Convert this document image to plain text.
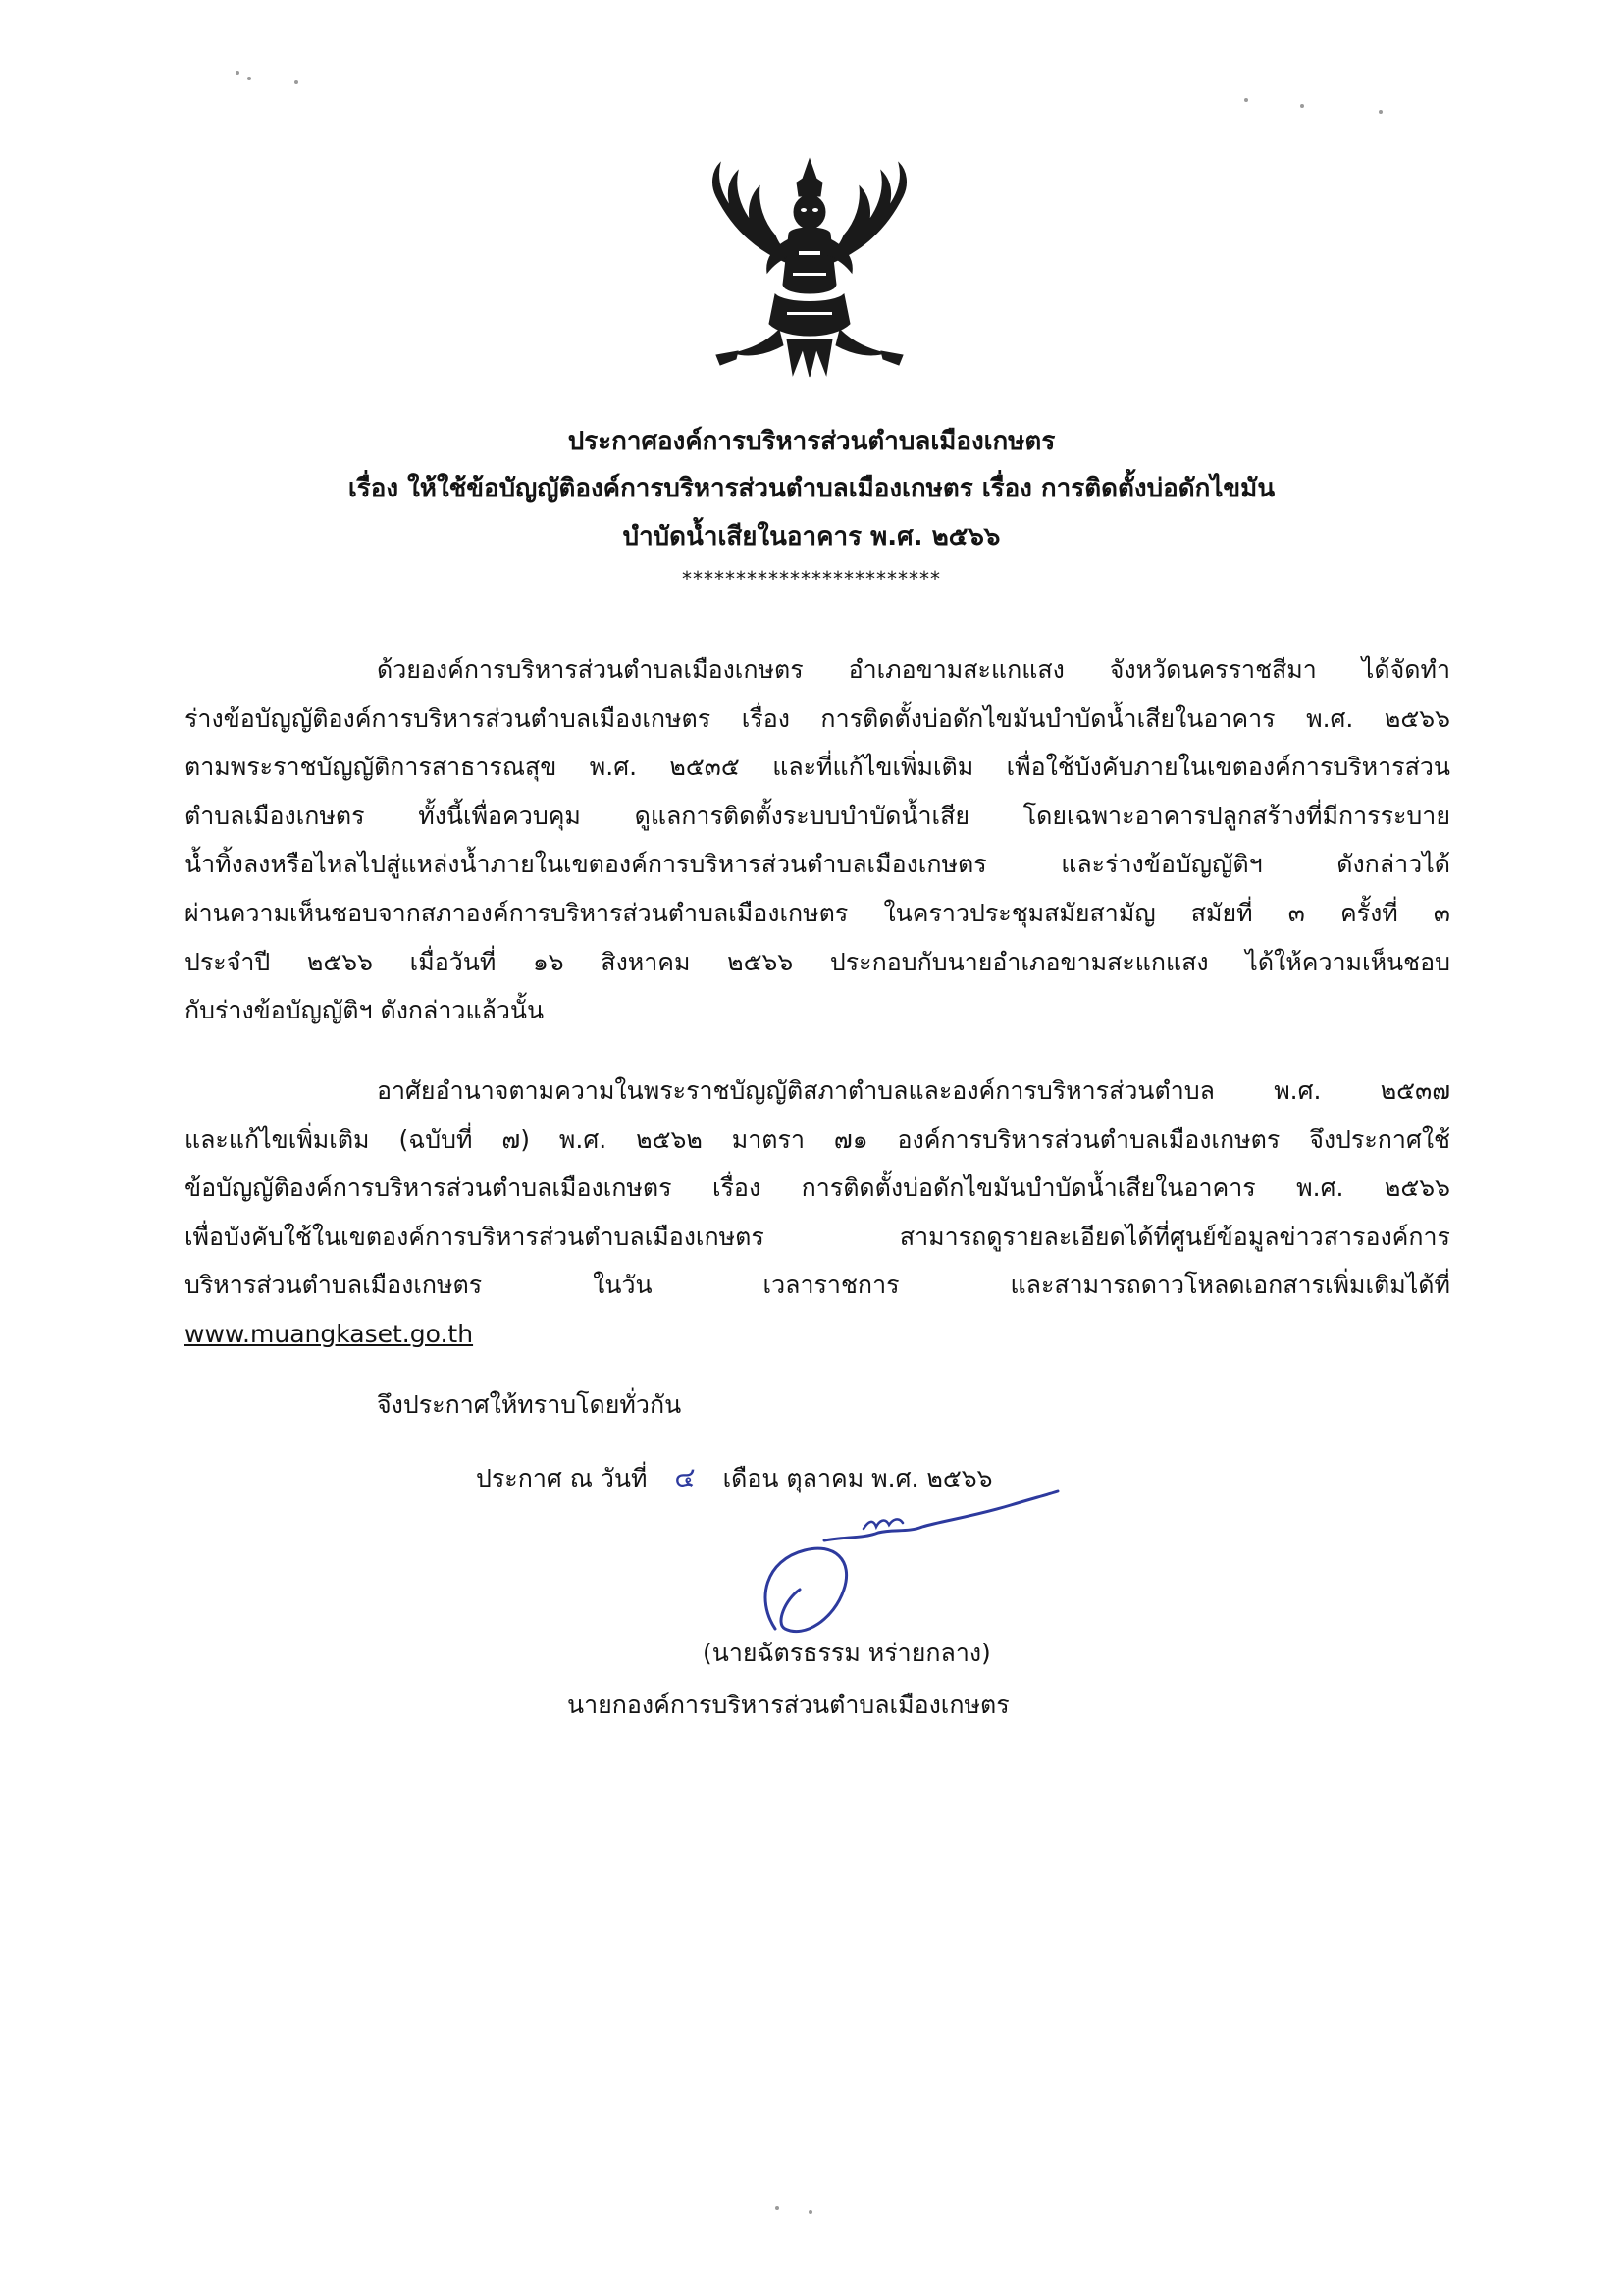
ประกาศองค์การบริหารส่วนตำบลเมืองเกษตร
เรื่อง ให้ใช้ข้อบัญญัติองค์การบริหารส่วนตำบลเมืองเกษตร เรื่อง การติดตั้งบ่อดักไขมัน
บำบัดน้ำเสียในอาคาร พ.ศ. ๒๕๖๖
************************
ด้วยองค์การบริหารส่วนตำบลเมืองเกษตร อำเภอขามสะแกแสง จังหวัดนครราชสีมา ได้จัดทำ
ร่างข้อบัญญัติองค์การบริหารส่วนตำบลเมืองเกษตร เรื่อง การติดตั้งบ่อดักไขมันบำบัดน้ำเสียในอาคาร พ.ศ. ๒๕๖๖
ตามพระราชบัญญัติการสาธารณสุข พ.ศ. ๒๕๓๕ และที่แก้ไขเพิ่มเติม เพื่อใช้บังคับภายในเขตองค์การบริหารส่วน
ตำบลเมืองเกษตร ทั้งนี้เพื่อควบคุม ดูแลการติดตั้งระบบบำบัดน้ำเสีย โดยเฉพาะอาคารปลูกสร้างที่มีการระบาย
น้ำทิ้งลงหรือไหลไปสู่แหล่งน้ำภายในเขตองค์การบริหารส่วนตำบลเมืองเกษตร และร่างข้อบัญญัติฯ ดังกล่าวได้
ผ่านความเห็นชอบจากสภาองค์การบริหารส่วนตำบลเมืองเกษตร ในคราวประชุมสมัยสามัญ สมัยที่ ๓ ครั้งที่ ๓
ประจำปี ๒๕๖๖ เมื่อวันที่ ๑๖ สิงหาคม ๒๕๖๖ ประกอบกับนายอำเภอขามสะแกแสง ได้ให้ความเห็นชอบ
กับร่างข้อบัญญัติฯ ดังกล่าวแล้วนั้น
อาศัยอำนาจตามความในพระราชบัญญัติสภาตำบลและองค์การบริหารส่วนตำบล พ.ศ. ๒๕๓๗
และแก้ไขเพิ่มเติม (ฉบับที่ ๗) พ.ศ. ๒๕๖๒ มาตรา ๗๑ องค์การบริหารส่วนตำบลเมืองเกษตร จึงประกาศใช้
ข้อบัญญัติองค์การบริหารส่วนตำบลเมืองเกษตร เรื่อง การติดตั้งบ่อดักไขมันบำบัดน้ำเสียในอาคาร พ.ศ. ๒๕๖๖
เพื่อบังคับใช้ในเขตองค์การบริหารส่วนตำบลเมืองเกษตร สามารถดูรายละเอียดได้ที่ศูนย์ข้อมูลข่าวสารองค์การ
บริหารส่วนตำบลเมืองเกษตร ในวัน เวลาราชการ และสามารถดาวโหลดเอกสารเพิ่มเติมได้ที่
www.muangkaset.go.th
จึงประกาศให้ทราบโดยทั่วกัน
ประกาศ ณ วันที่ ๔ เดือน ตุลาคม พ.ศ. ๒๕๖๖
(นายฉัตรธรรม หร่ายกลาง)
นายกองค์การบริหารส่วนตำบลเมืองเกษตร
